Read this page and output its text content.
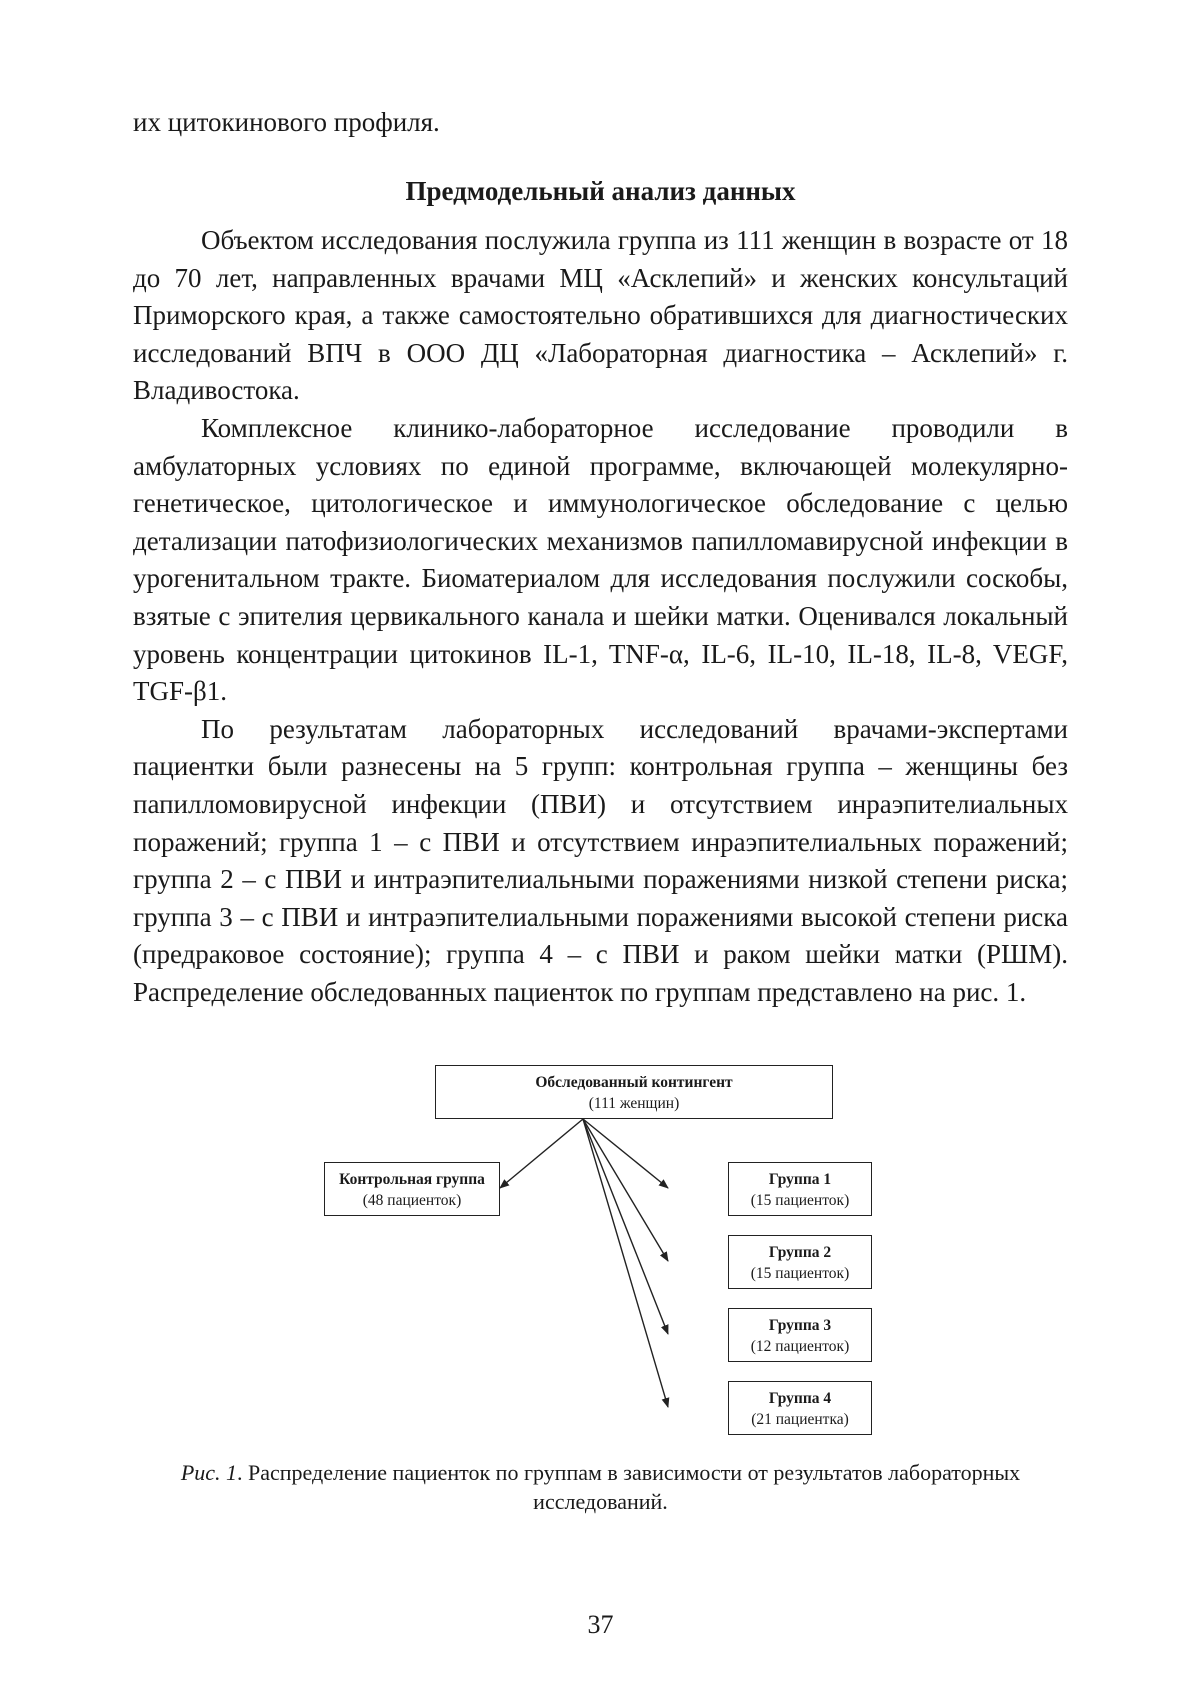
их цитокинового профиля.

Предмодельный анализ данных

Объектом исследования послужила группа из 111 женщин в возрасте от 18 до 70 лет, направленных врачами МЦ «Асклепий» и женских консультаций Приморского края, а также самостоятельно обратившихся для диагностических исследований ВПЧ в ООО ДЦ «Лабораторная диагностика – Асклепий» г. Владивостока.

Комплексное клинико-лабораторное исследование проводили в амбулаторных условиях по единой программе, включающей молекулярно-генетическое, цитологическое и иммунологическое обследование с целью детализации патофизиологических механизмов папилломавирусной инфекции в урогенитальном тракте. Биоматериалом для исследования послужили соскобы, взятые с эпителия цервикального канала и шейки матки. Оценивался локальный уровень концентрации цитокинов IL-1, TNF-α, IL-6, IL-10, IL-18, IL-8, VEGF, TGF-β1.

По результатам лабораторных исследований врачами-экспертами пациентки были разнесены на 5 групп: контрольная группа – женщины без папилломовирусной инфекции (ПВИ) и отсутствием инраэпителиальных поражений; группа 1 – с ПВИ и отсутствием инраэпителиальных поражений; группа 2 – с ПВИ и интраэпителиальными поражениями низкой степени риска; группа 3 – с ПВИ и интраэпителиальными поражениями высокой степени риска (предраковое состояние); группа 4 – с ПВИ и раком шейки матки (РШМ). Распределение обследованных пациенток по группам представлено на рис. 1.

Обследованный контингент
(111 женщин)
Контрольная группа
(48 пациенток)
Группа 1
(15 пациенток)
Группа 2
(15 пациенток)
Группа 3
(12 пациенток)
Группа 4
(21 пациентка)
Рис. 1. Распределение пациенток по группам в зависимости от результатов лабораторных исследований.
37
